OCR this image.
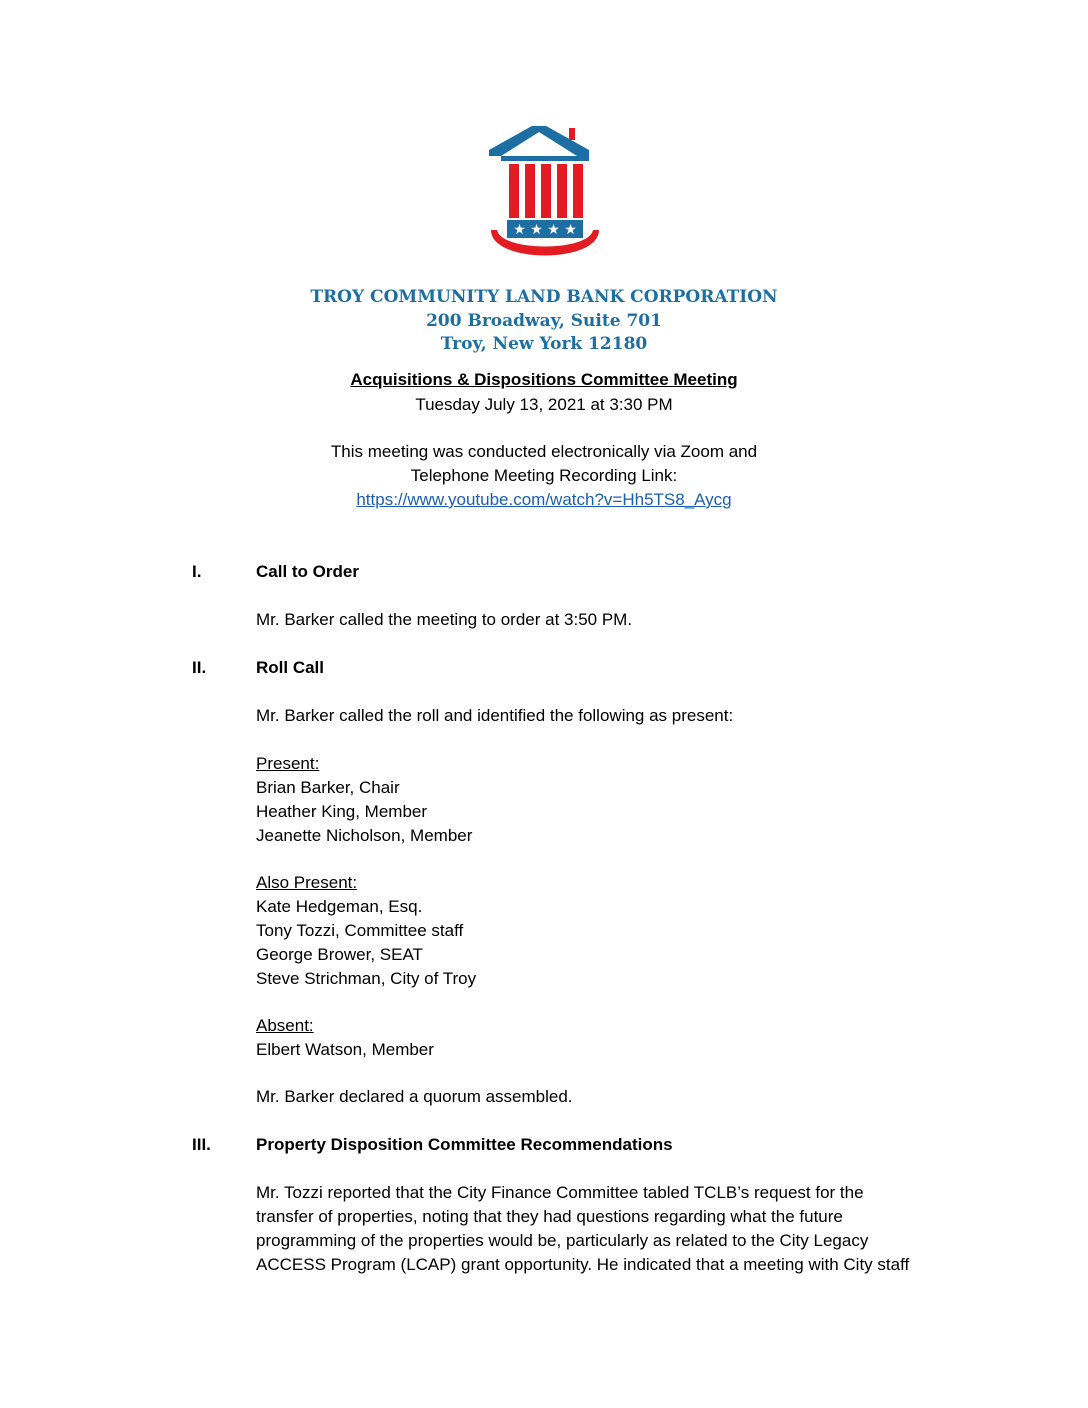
★ ★ ★ ★
TROY COMMUNITY LAND BANK CORPORATION
200 Broadway, Suite 701
Troy, New York 12180
Acquisitions & Dispositions Committee Meeting
Tuesday July 13, 2021 at 3:30 PM
This meeting was conducted electronically via Zoom and
Telephone Meeting Recording Link:
https://www.youtube.com/watch?v=Hh5TS8_Aycg
I.	Call to Order
Mr. Barker called the meeting to order at 3:50 PM.
II.	Roll Call
Mr. Barker called the roll and identified the following as present:
Present:
Brian Barker, Chair
Heather King, Member
Jeanette Nicholson, Member
Also Present:
Kate Hedgeman, Esq.
Tony Tozzi, Committee staff
George Brower, SEAT
Steve Strichman, City of Troy
Absent:
Elbert Watson, Member
Mr. Barker declared a quorum assembled.
III.	Property Disposition Committee Recommendations
Mr. Tozzi reported that the City Finance Committee tabled TCLB’s request for the
transfer of properties, noting that they had questions regarding what the future
programming of the properties would be, particularly as related to the City Legacy
ACCESS Program (LCAP) grant opportunity. He indicated that a meeting with City staff
